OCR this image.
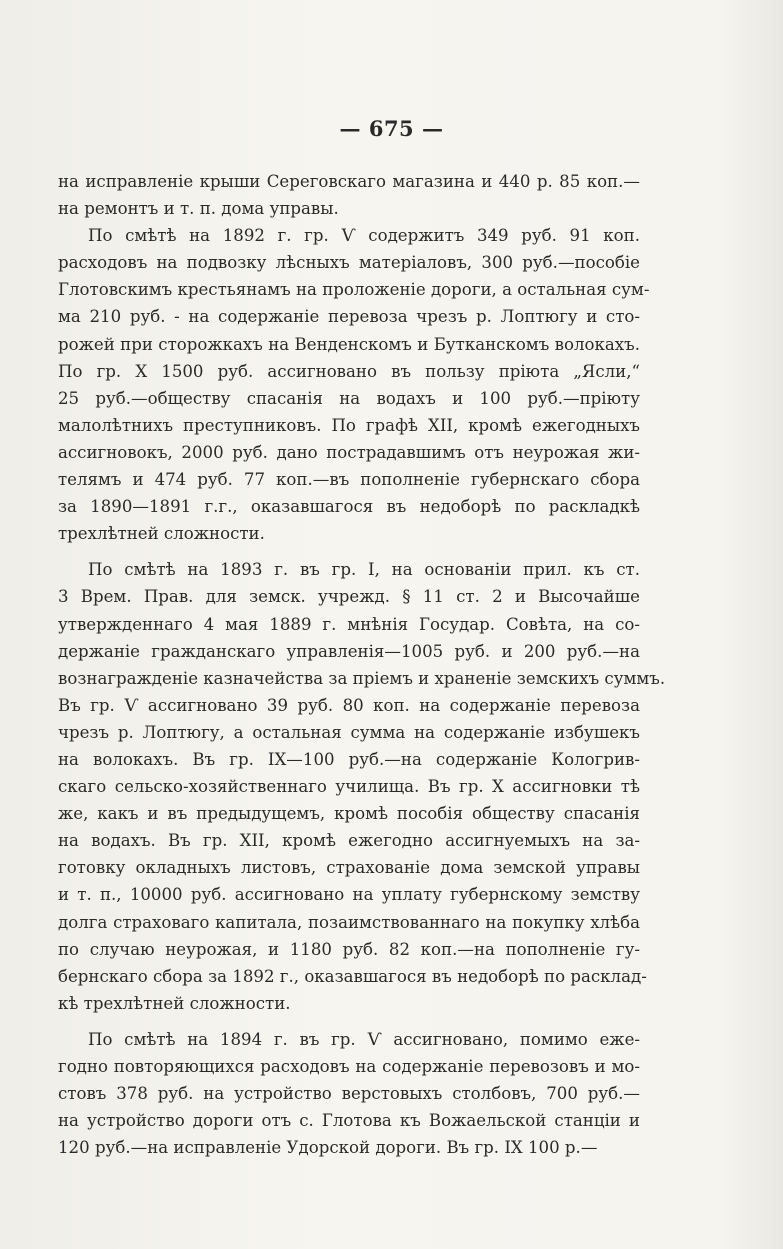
— 675 —
на исправленіе крыши Сереговскаго магазина и 440 р. 85 коп.—
на ремонтъ и т. п. дома управы.
По смѣтѣ на 1892 г. гр. Ѵ содержитъ 349 руб. 91 коп.
расходовъ на подвозку лѣсныхъ матеріаловъ, 300 руб.—пособіе
Глотовскимъ крестьянамъ на проложеніе дороги, а остальная сум-
ма 210 руб. - на содержаніе перевоза чрезъ р. Лоптюгу и сто-
рожей при сторожкахъ на Венденскомъ и Бутканскомъ волокахъ.
По гр. Х 1500 руб. ассигновано въ пользу пріюта „Ясли,“
25 руб.—обществу спасанія на водахъ и 100 руб.—пріюту
малолѣтнихъ преступниковъ. По графѣ XII, кромѣ ежегодныхъ
ассигновокъ, 2000 руб. дано пострадавшимъ отъ неурожая жи-
телямъ и 474 руб. 77 коп.—въ пополненіе губернскаго сбора
за 1890—1891 г.г., оказавшагося въ недоборѣ по раскладкѣ
трехлѣтней сложности.
По смѣтѣ на 1893 г. въ гр. I, на основаніи прил. къ ст.
3 Врем. Прав. для земск. учрежд. § 11 ст. 2 и Высочайше
утвержденнаго 4 мая 1889 г. мнѣнія Государ. Совѣта, на со-
держаніе гражданскаго управленія—1005 руб. и 200 руб.—на
вознагражденіе казначейства за пріемъ и храненіе земскихъ суммъ.
Въ гр. Ѵ ассигновано 39 руб. 80 коп. на содержаніе перевоза
чрезъ р. Лоптюгу, а остальная сумма на содержаніе избушекъ
на волокахъ. Въ гр. IX—100 руб.—на содержаніе Кологрив-
скаго сельско-хозяйственнаго училища. Въ гр. Х ассигновки тѣ
же, какъ и въ предыдущемъ, кромѣ пособія обществу спасанія
на водахъ. Въ гр. XII, кромѣ ежегодно ассигнуемыхъ на за-
готовку окладныхъ листовъ, страхованіе дома земской управы
и т. п., 10000 руб. ассигновано на уплату губернскому земству
долга страховаго капитала, позаимствованнаго на покупку хлѣба
по случаю неурожая, и 1180 руб. 82 коп.—на пополненіе гу-
бернскаго сбора за 1892 г., оказавшагося въ недоборѣ по расклад-
кѣ трехлѣтней сложности.
По смѣтѣ на 1894 г. въ гр. Ѵ ассигновано, помимо еже-
годно повторяющихся расходовъ на содержаніе перевозовъ и мо-
стовъ 378 руб. на устройство верстовыхъ столбовъ, 700 руб.—
на устройство дороги отъ с. Глотова къ Вожаельской станціи и
120 руб.—на исправленіе Удорской дороги. Въ гр. IX 100 р.—
